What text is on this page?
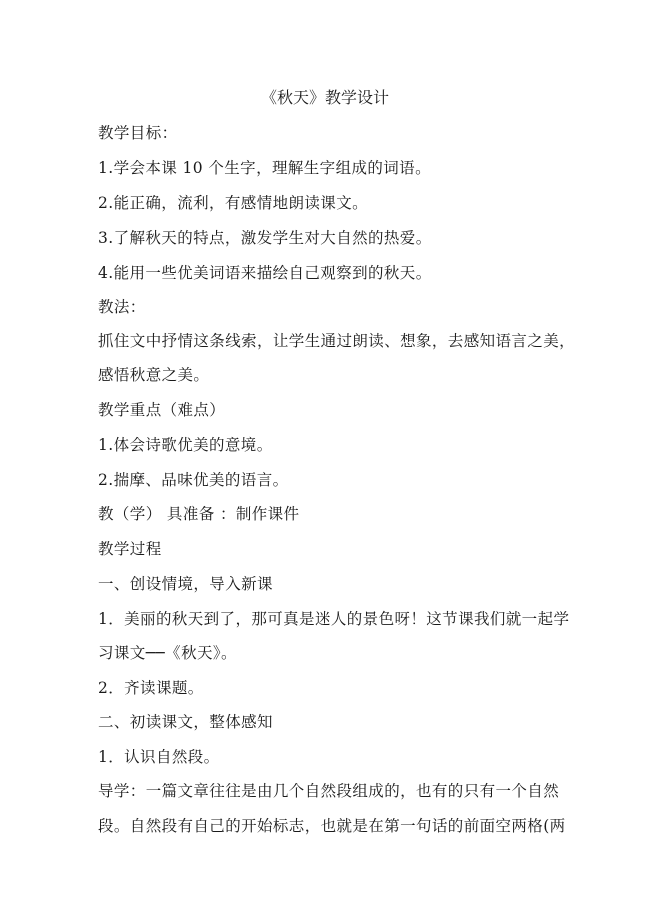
《秋天》教学设计
教学目标：
1.学会本课 10 个生字，理解生字组成的词语。
2.能正确，流利，有感情地朗读课文。
3.了解秋天的特点，激发学生对大自然的热爱。
4.能用一些优美词语来描绘自己观察到的秋天。
教法：
抓住文中抒情这条线索，让学生通过朗读、想象，去感知语言之美，
感悟秋意之美。
教学重点（难点）
1.体会诗歌优美的意境。
2.揣摩、品味优美的语言。
教（学） 具准备 ：制作课件
教学过程
一、创设情境，导入新课
1．美丽的秋天到了，那可真是迷人的景色呀！这节课我们就一起学
习课文──《秋天》。
2．齐读课题。
二、初读课文，整体感知
1．认识自然段。
导学：一篇文章往往是由几个自然段组成的，也有的只有一个自然
段。自然段有自己的开始标志，也就是在第一句话的前面空两格(两
